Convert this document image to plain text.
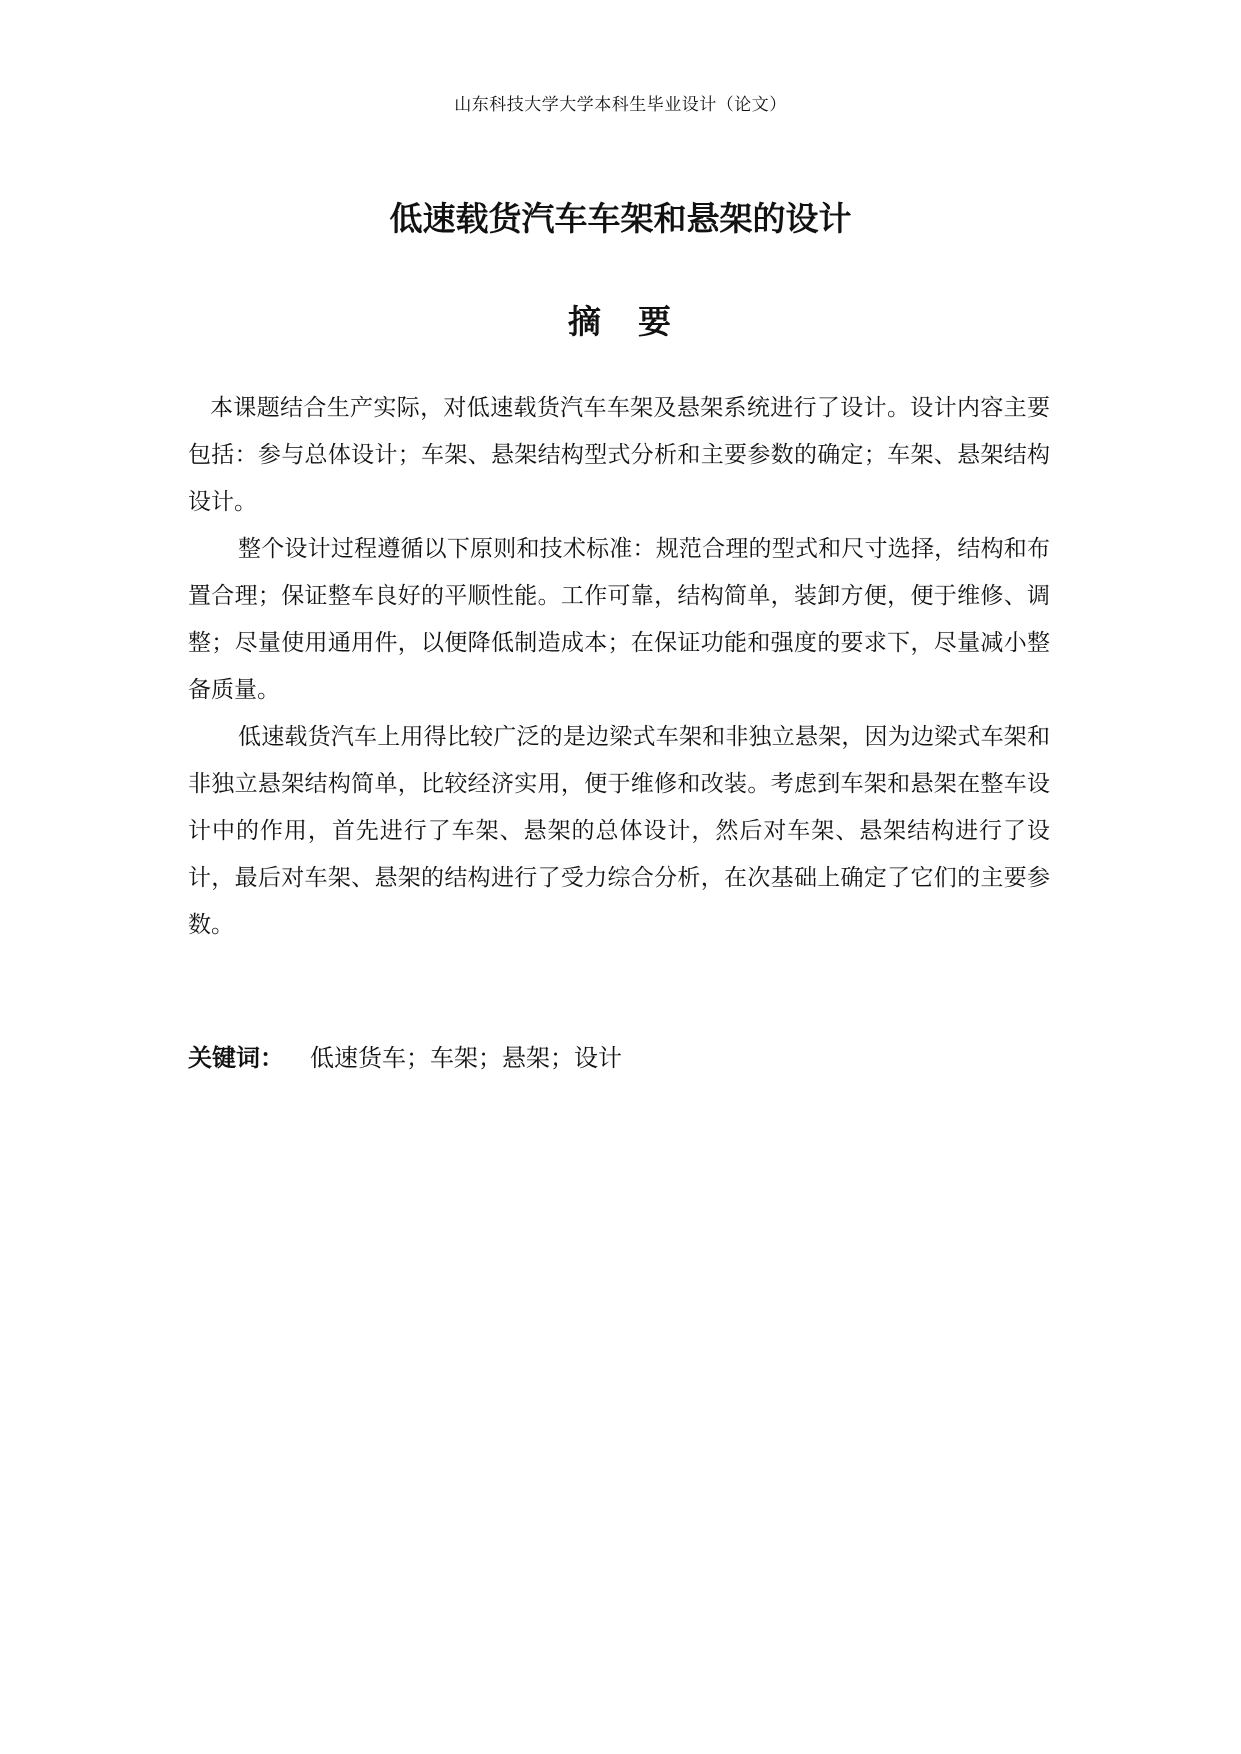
山东科技大学大学本科生毕业设计（论文）
低速载货汽车车架和悬架的设计
摘　要

本课题结合生产实际，对低速载货汽车车架及悬架系统进行了设计。设计内容主要包括：参与总体设计；车架、悬架结构型式分析和主要参数的确定；车架、悬架结构设计。

整个设计过程遵循以下原则和技术标准：规范合理的型式和尺寸选择，结构和布置合理；保证整车良好的平顺性能。工作可靠，结构简单，装卸方便，便于维修、调整；尽量使用通用件，以便降低制造成本；在保证功能和强度的要求下，尽量减小整备质量。

低速载货汽车上用得比较广泛的是边梁式车架和非独立悬架，因为边梁式车架和非独立悬架结构简单，比较经济实用，便于维修和改装。考虑到车架和悬架在整车设计中的作用，首先进行了车架、悬架的总体设计，然后对车架、悬架结构进行了设计，最后对车架、悬架的结构进行了受力综合分析，在次基础上确定了它们的主要参数。

关键词： 低速货车；车架；悬架；设计
